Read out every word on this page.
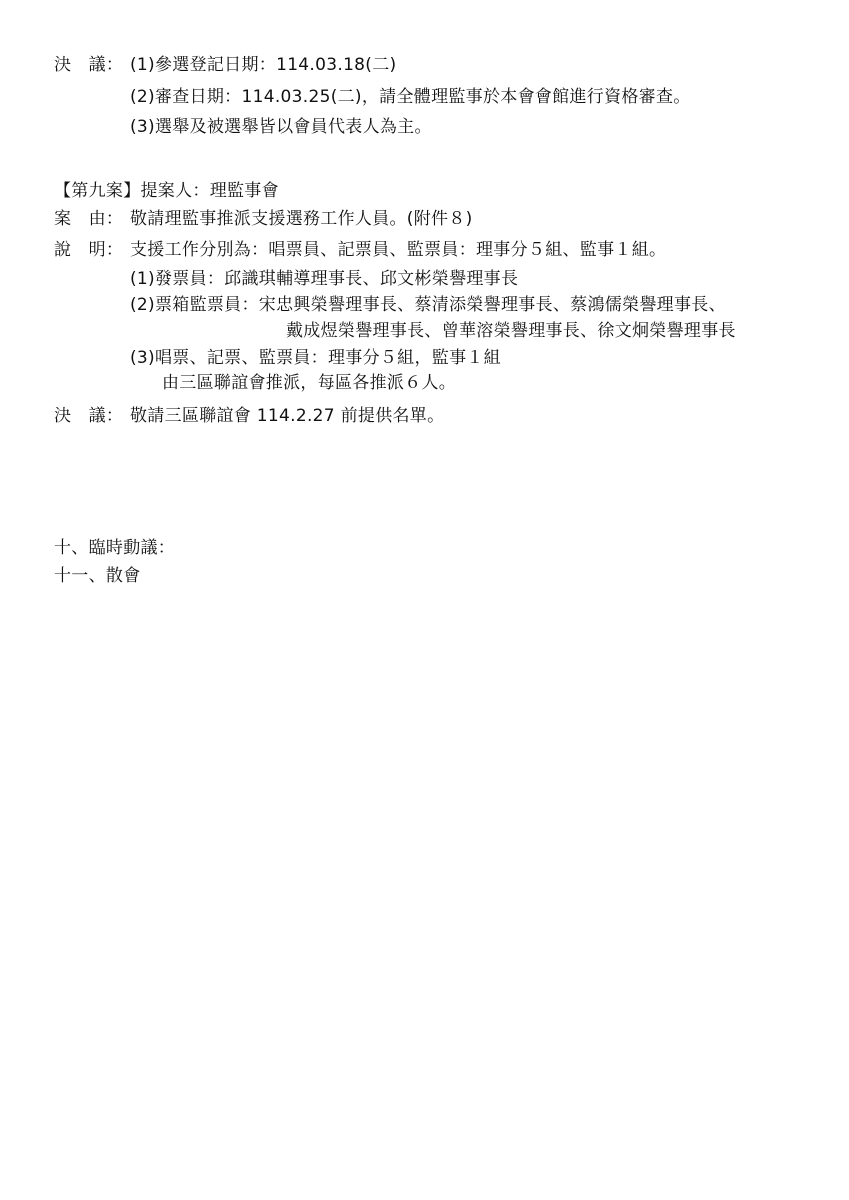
決　議： (1)參選登記日期：114.03.18(二)
(2)審查日期：114.03.25(二)，請全體理監事於本會會館進行資格審查。
(3)選舉及被選舉皆以會員代表人為主。
【第九案】提案人：理監事會
案　由： 敬請理監事推派支援選務工作人員。(附件８)
說　明： 支援工作分別為：唱票員、記票員、監票員：理事分５組、監事１組。
(1)發票員：邱識琪輔導理事長、邱文彬榮譽理事長
(2)票箱監票員：宋忠興榮譽理事長、蔡清添榮譽理事長、蔡鴻儒榮譽理事長、
戴成煜榮譽理事長、曾華溶榮譽理事長、徐文炯榮譽理事長
(3)唱票、記票、監票員：理事分５組，監事１組
由三區聯誼會推派，每區各推派６人。
決　議： 敬請三區聯誼會 114.2.27 前提供名單。
十、臨時動議：
十一、散會
